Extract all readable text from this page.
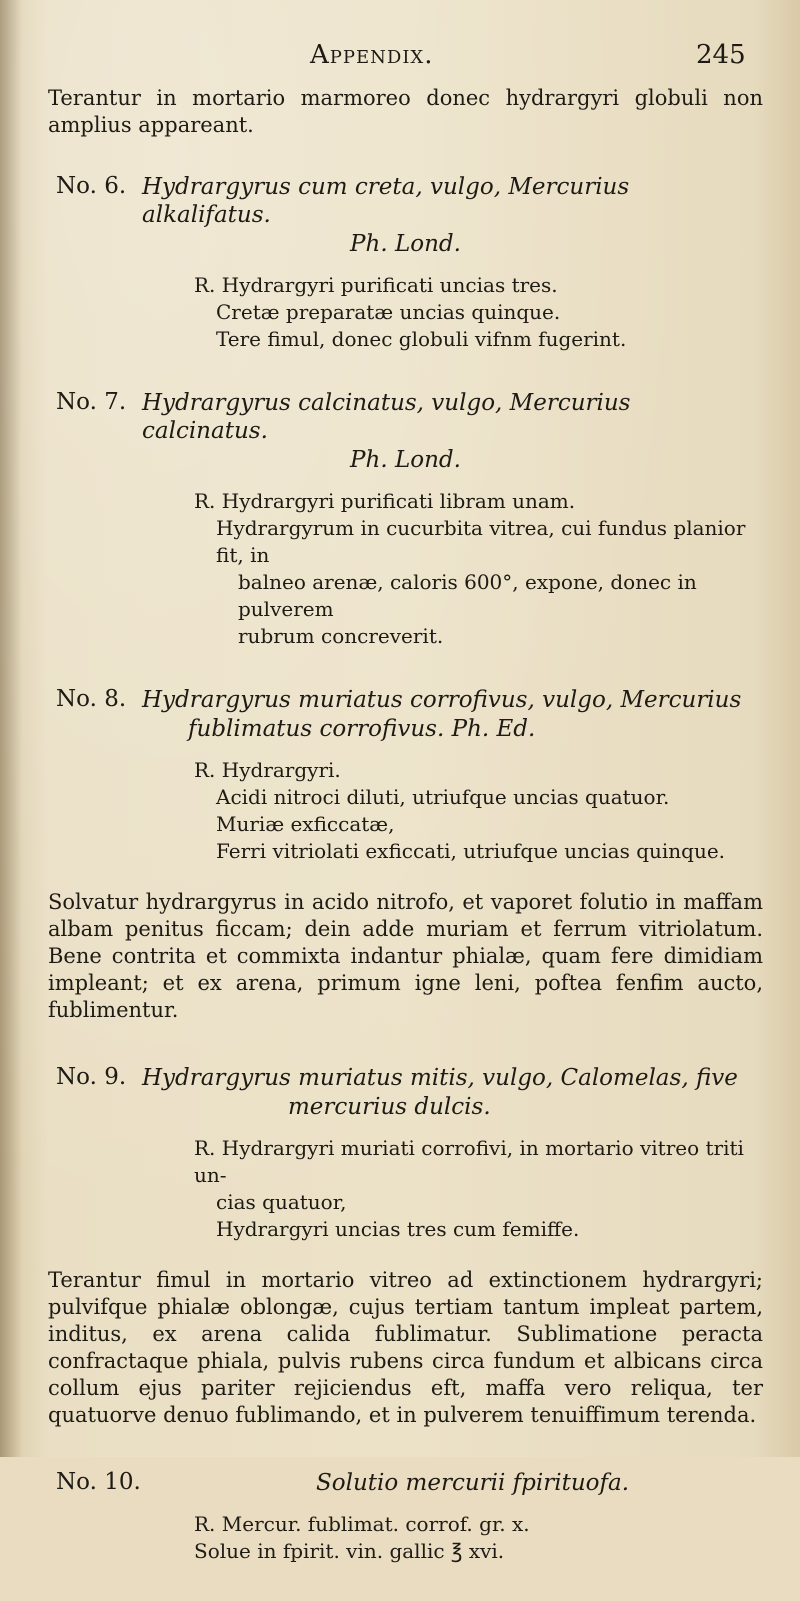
Appendix.	245

Terantur in mortario marmoreo donec hydrargyri globuli non amplius appareant.

No. 6. Hydrargyrus cum creta, vulgo, Mercurius alkalifatus.
Ph. Lond.
R. Hydrargyri purificati uncias tres.
Cretæ preparatæ uncias quinque.
Tere fimul, donec globuli vifnm fugerint.
No. 7. Hydrargyrus calcinatus, vulgo, Mercurius calcinatus.
Ph. Lond.
R. Hydrargyri purificati libram unam.
Hydrargyrum in cucurbita vitrea, cui fundus planior fit, in
balneo arenæ, caloris 600°, expone, donec in pulverem
rubrum concreverit.
No. 8. Hydrargyrus muriatus corrofivus, vulgo, Mercurius
fublimatus corrofivus. Ph. Ed.
R. Hydrargyri.
Acidi nitroci diluti, utriufque uncias quatuor.
Muriæ exficcatæ,
Ferri vitriolati exficcati, utriufque uncias quinque.

Solvatur hydrargyrus in acido nitrofo, et vaporet folutio in maffam albam penitus ficcam; dein adde muriam et ferrum vitriolatum. Bene contrita et commixta indantur phialæ, quam fere dimidiam impleant; et ex arena, primum igne leni, poftea fenfim aucto, fublimentur.

No. 9. Hydrargyrus muriatus mitis, vulgo, Calomelas, five
mercurius dulcis.
R. Hydrargyri muriati corrofivi, in mortario vitreo triti un-
cias quatuor,
Hydrargyri uncias tres cum femiffe.

Terantur fimul in mortario vitreo ad extinctionem hydrargyri; pulvifque phialæ oblongæ, cujus tertiam tantum impleat partem, inditus, ex arena calida fublimatur. Sublimatione peracta confractaque phiala, pulvis rubens circa fundum et albicans circa collum ejus pariter rejiciendus eft, maffa vero reliqua, ter quatuorve denuo fublimando, et in pulverem tenuiffimum terenda.

No. 10.	Solutio mercurii fpirituofa.
R. Mercur. fublimat. corrof. gr. x.
Solue in fpirit. vin. gallic ℥ xvi.
